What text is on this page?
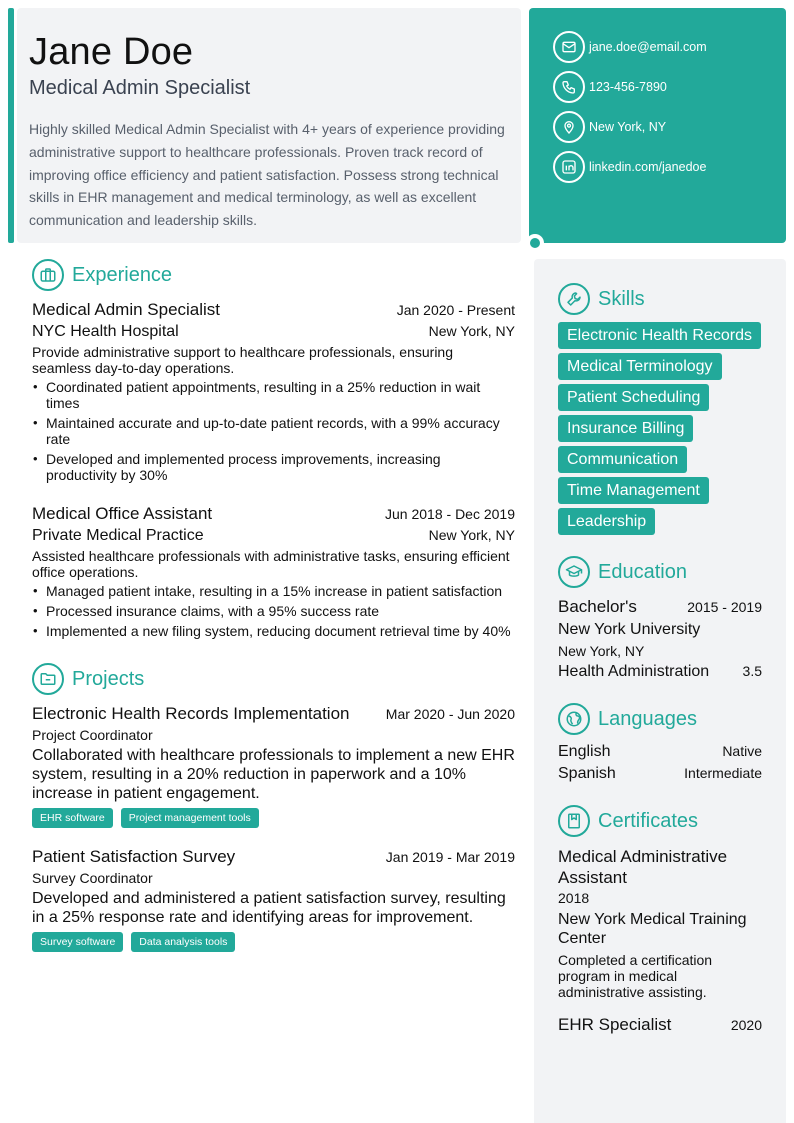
Jane Doe
Medical Admin Specialist
Highly skilled Medical Admin Specialist with 4+ years of experience providing administrative support to healthcare professionals. Proven track record of improving office efficiency and patient satisfaction. Possess strong technical skills in EHR management and medical terminology, as well as excellent communication and leadership skills.
jane.doe@email.com
123-456-7890
New York, NY
linkedin.com/janedoe
Experience
Medical Admin Specialist	Jan 2020 - Present
NYC Health Hospital	New York, NY
Provide administrative support to healthcare professionals, ensuring seamless day-to-day operations.
• Coordinated patient appointments, resulting in a 25% reduction in wait times
• Maintained accurate and up-to-date patient records, with a 99% accuracy rate
• Developed and implemented process improvements, increasing productivity by 30%
Medical Office Assistant	Jun 2018 - Dec 2019
Private Medical Practice	New York, NY
Assisted healthcare professionals with administrative tasks, ensuring efficient office operations.
• Managed patient intake, resulting in a 15% increase in patient satisfaction
• Processed insurance claims, with a 95% success rate
• Implemented a new filing system, reducing document retrieval time by 40%
Projects
Electronic Health Records Implementation	Mar 2020 - Jun 2020
Project Coordinator
Collaborated with healthcare professionals to implement a new EHR system, resulting in a 20% reduction in paperwork and a 10% increase in patient engagement.
EHR software	Project management tools
Patient Satisfaction Survey	Jan 2019 - Mar 2019
Survey Coordinator
Developed and administered a patient satisfaction survey, resulting in a 25% response rate and identifying areas for improvement.
Survey software	Data analysis tools
Skills
Electronic Health Records
Medical Terminology
Patient Scheduling
Insurance Billing
Communication
Time Management
Leadership
Education
Bachelor's	2015 - 2019
New York University
New York, NY
Health Administration 3.5
Languages
English	Native
Spanish	Intermediate
Certificates
Medical Administrative Assistant
2018
New York Medical Training Center
Completed a certification program in medical administrative assisting.
EHR Specialist	2020
